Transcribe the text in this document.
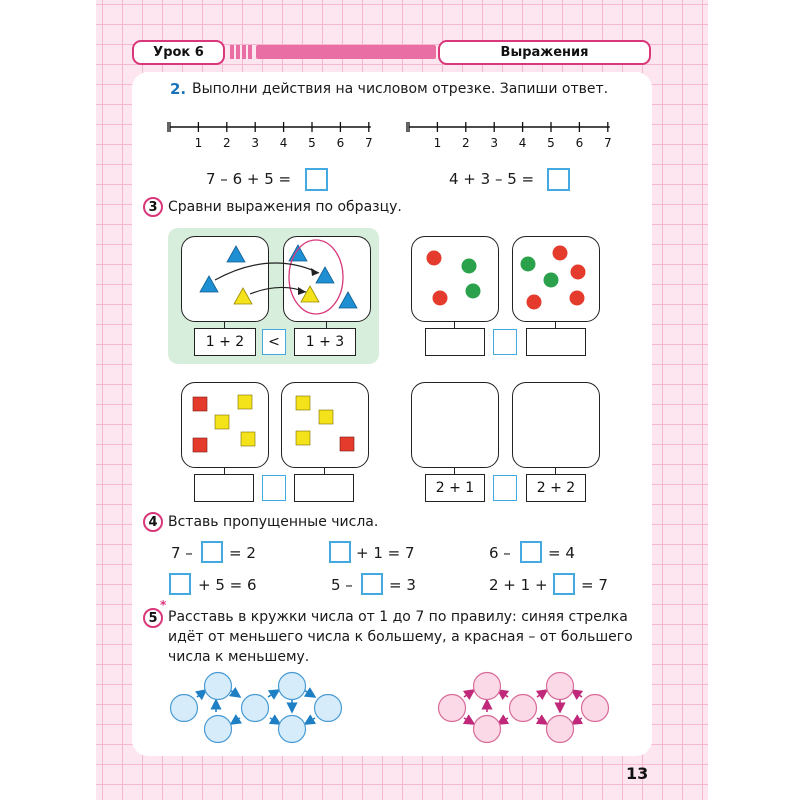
Урок 6	Выражения
2. Выполни действия на числовом отрезке. Запиши ответ.
1 2 3 4 5 6 7	1 2 3 4 5 6 7
7 – 6 + 5 =	4 + 3 – 5 =
3 Сравни выражения по образцу.
1 + 2	<	1 + 3
2 + 1	2 + 2
4 Вставь пропущенные числа.
7 – = 2	+ 1 = 7	6 – = 4
+ 5 = 6	5 – = 3	2 + 1 + = 7
5
*
Расставь в кружки числа от 1 до 7 по правилу: синяя стрелка
идёт от меньшего числа к большему, а красная – от большего
числа к меньшему.
13
